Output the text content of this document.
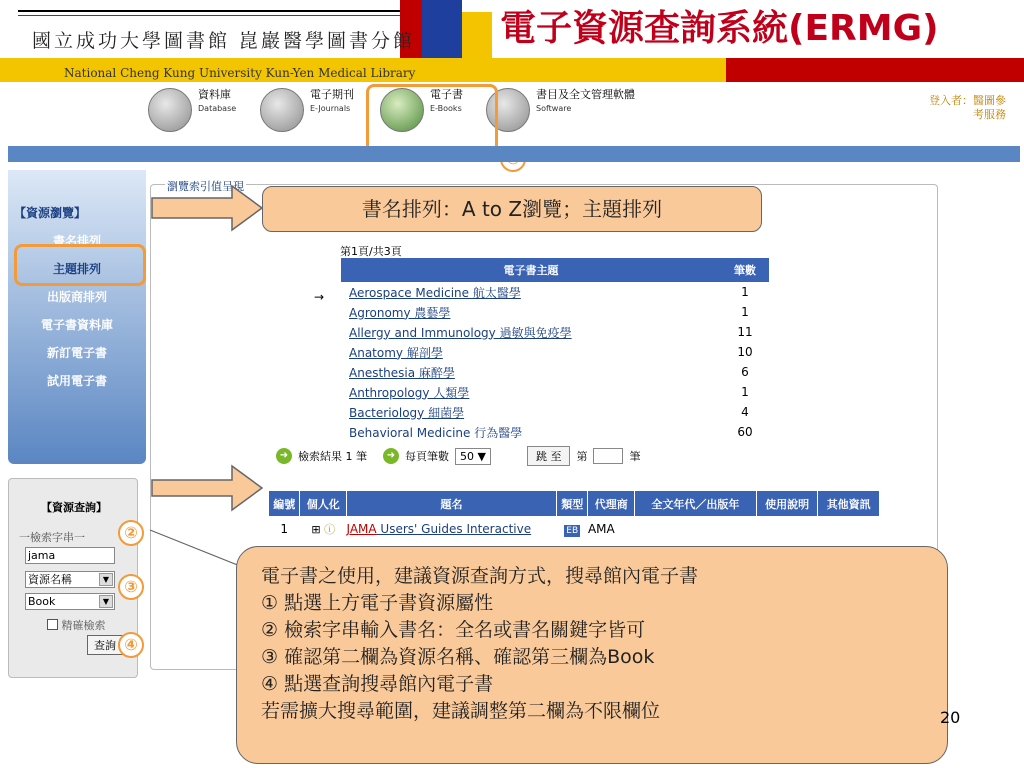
國立成功大學圖書館 崑巖醫學圖書分館 電子資源查詢系統(ERMG)
National Cheng Kung University Kun-Yen Medical Library
資料庫
Database
電子期刊
E-Journals
電子書
E-Books
書目及全文管理軟體
Software
登入者：醫圖參考服務
【資源瀏覽】
書名排列
主題排列
出版商排列
電子書資料庫
新訂電子書
試用電子書
【資源查詢】
一檢索字串一
jama
資源名稱	▼
Book	▼
精確檢索
查詢
②
③
④
瀏覽索引值呈現
第1頁/共3頁
→
電子書主題	筆數
Aerospace Medicine 航太醫學	1
Agronomy 農藝學	1
Allergy and Immunology 過敏與免疫學	11
Anatomy 解剖學	10
Anesthesia 麻醉學	6
Anthropology 人類學	1
Bacteriology 細菌學	4
Behavioral Medicine 行為醫學	60
➜ 檢索結果 1 筆	➜ 每頁筆數	50 ▼	跳 至	第	筆
編號	個人化	題名	類型	代理商	全文年代／出版年	使用說明	其他資訊
1	⊞ ⓘ	JAMA Users' Guides Interactive	EB	AMA			
書名排列：A to Z瀏覽；主題排列
電子書之使用，建議資源查詢方式，搜尋館內電子書
① 點選上方電子書資源屬性
② 檢索字串輸入書名：全名或書名關鍵字皆可
③ 確認第二欄為資源名稱、確認第三欄為Book
④ 點選查詢搜尋館內電子書
若需擴大搜尋範圍，建議調整第二欄為不限欄位	20
